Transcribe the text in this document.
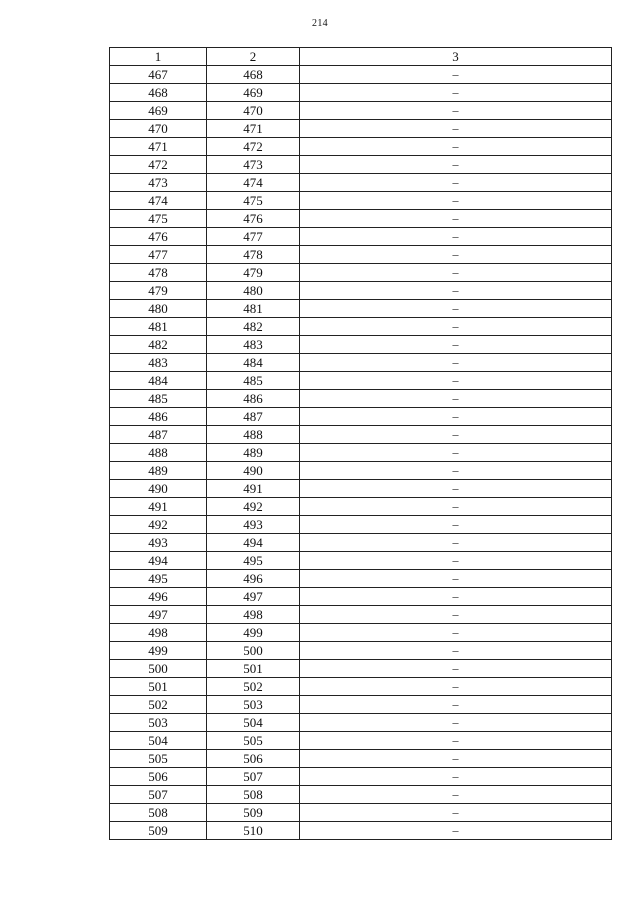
214
1	2	3
467	468	–
468	469	–
469	470	–
470	471	–
471	472	–
472	473	–
473	474	–
474	475	–
475	476	–
476	477	–
477	478	–
478	479	–
479	480	–
480	481	–
481	482	–
482	483	–
483	484	–
484	485	–
485	486	–
486	487	–
487	488	–
488	489	–
489	490	–
490	491	–
491	492	–
492	493	–
493	494	–
494	495	–
495	496	–
496	497	–
497	498	–
498	499	–
499	500	–
500	501	–
501	502	–
502	503	–
503	504	–
504	505	–
505	506	–
506	507	–
507	508	–
508	509	–
509	510	–
